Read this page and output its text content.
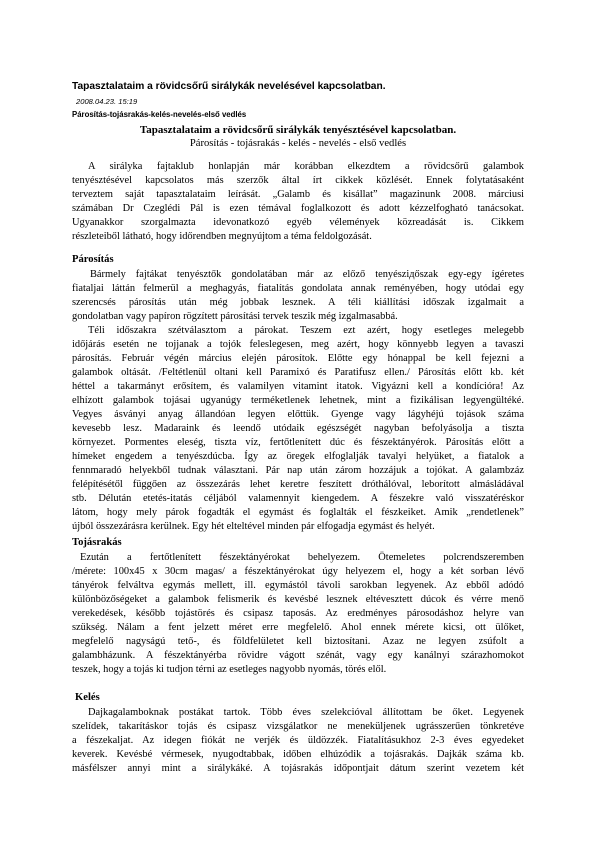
Tapasztalataim a rövidcsőrű sirálykák nevelésével kapcsolatban.
2008.04.23. 15:19
Párosítás-tojásrakás-kelés-nevelés-első vedlés
Tapasztalataim a rövidcsőrű sirálykák tenyésztésével kapcsolatban.
Párosítás - tojásrakás - kelés - nevelés - első vedlés
A sirályka fajtaklub honlapján már korábban elkezdtem a rövidcsőrű galambok
tenyésztésével kapcsolatos más szerzők által írt cikkek közlését. Ennek folytatásaként
terveztem saját tapasztalataim leírását. „Galamb és kisállat” magazinunk 2008. márciusi
számában Dr Czeglédi Pál is ezen témával foglalkozott és adott kézzelfogható tanácsokat.
Ugyanakkor szorgalmazta idevonatkozó egyéb vélemények közreadását is. Cikkem
részleteiből látható, hogy időrendben megnyújtom a téma feldolgozását.
Párosítás
Bármely fajtákat tenyésztők gondolatában már az előző tenyésziдőszak egy-egy ígéretes
fiataljai láttán felmerül a meghagyás, fiatalítás gondolata annak reményében, hogy utódai egy
szerencsés párosítás után még jobbak lesznek. A téli kiállítási időszak izgalmait a
gondolatban vagy papíron rögzített párosítási tervek teszik még izgalmasabbá.
Téli időszakra szétválasztom a párokat. Teszem ezt azért, hogy esetleges melegebb
időjárás esetén ne tojjanak a tojók feleslegesen, meg azért, hogy könnyebb legyen a tavaszi
párosítás. Február végén március elején párosítok. Előtte egy hónappal be kell fejezni a
galambok oltását. /Feltétlenül oltani kell Paramixó és Paratifusz ellen./ Párosítás előtt kb. két
héttel a takarmányt erősítem, és valamilyen vitamint itatok. Vigyázni kell a kondícióra! Az
elhízott galambok tojásai ugyanúgy terméketlenek lehetnek, mint a fizikálisan legyengültéké.
Vegyes ásványi anyag állandóan legyen előttük. Gyenge vagy lágyhéjú tojások száma
kevesebb lesz. Madaraink és leendő utódaik egészségét nagyban befolyásolja a tiszta
környezet. Pormentes eleség, tiszta víz, fertőtlenített dúc és fészektányérok. Párosítás előtt a
hímeket engedem a tenyészdúcba. Így az öregek elfoglalják tavalyi helyüket, a fiatalok a
fennmaradó helyekből tudnak választani. Pár nap után zárom hozzájuk a tojókat. A galambzáz
felépítésétől függően az összezárás lehet keretre feszített dróthálóval, leborított almásládával
stb. Délután etetés-itatás céljából valamennyit kiengedem. A fészekre való visszatéréskor
látom, hogy mely párok fogadták el egymást és foglalták el fészkeiket. Amik „rendetlenek”
újból összezárásra kerülnek. Egy hét elteltével minden pár elfogadja egymást és helyét.
Tojásrakás
Ezután a fertőtlenített fészektányérokat behelyezem. Ötemeletes polcrendszeremben
/mérete: 100x45 x 30cm magas/ a fészektányérokat úgy helyezem el, hogy a két sorban lévő
tányérok felváltva egymás mellett, ill. egymástól távoli sarokban legyenek. Az ebből adódó
különbözőségeket a galambok felismerik és kevésbé lesznek eltévesztett dúcok és vérre menő
verekedések, később tojástörés és csipasz taposás. Az eredményes párosodáshoz helyre van
szükség. Nálam a fent jelzett méret erre megfelelő. Ahol ennek mérete kicsi, ott ülőket,
megfelelő nagyságú tető-, és földfelületet kell biztosítani. Azaz ne legyen zsúfolt a
galambházunk. A fészektányérba rövidre vágott szénát, vagy egy kanálnyi szárazhomokot
teszek, hogy a tojás ki tudjon térni az esetleges nagyobb nyomás, törés elől.
Kelés
Dajkagalamboknak postákat tartok. Több éves szelekcióval állítottam be őket. Legyenek
szelídek, takarításkor tojás és csipasz vizsgálatkor ne meneküljenek ugrásszerűen tönkretéve
a fészekaljat. Az idegen fiókát ne verjék és üldözzék. Fiatalításukhoz 2-3 éves egyedeket
keverek. Kevésbé vérmesek, nyugodtabbak, időben elhúzódik a tojásrakás. Dajkák száma kb.
másfélszer annyi mint a sirálykáké. A tojásrakás időpontjait dátum szerint vezetem két
